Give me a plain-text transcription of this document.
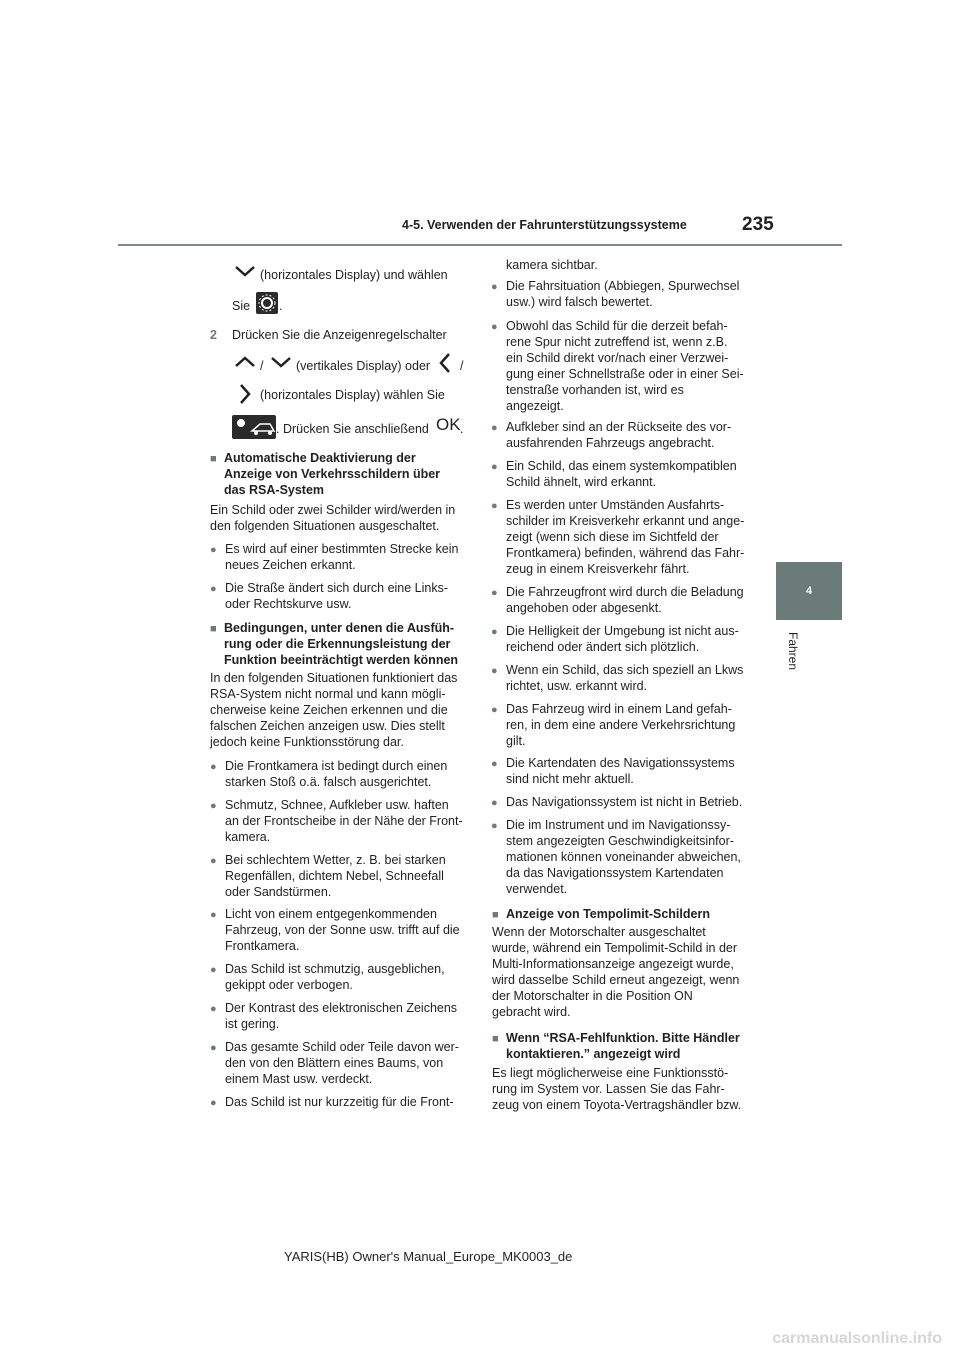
4-5. Verwenden der Fahrunterstützungssysteme	235
4
Fahren
(horizontales Display) und wählen
Sie .
2 Drücken Sie die Anzeigenregelschalter
/	(vertikales Display) oder /
(horizontales Display) wählen Sie
. Drücken Sie anschließend OK .
■ Automatische Deaktivierung der
Anzeige von Verkehrsschildern über
das RSA-System
Ein Schild oder zwei Schilder wird/werden in
den folgenden Situationen ausgeschaltet.
● Es wird auf einer bestimmten Strecke kein
neues Zeichen erkannt.
● Die Straße ändert sich durch eine Links-
oder Rechtskurve usw.
■ Bedingungen, unter denen die Ausfüh-
rung oder die Erkennungsleistung der
Funktion beeinträchtigt werden können
In den folgenden Situationen funktioniert das
RSA-System nicht normal und kann mögli-
cherweise keine Zeichen erkennen und die
falschen Zeichen anzeigen usw. Dies stellt
jedoch keine Funktionsstörung dar.
● Die Frontkamera ist bedingt durch einen
starken Stoß o.ä. falsch ausgerichtet.
● Schmutz, Schnee, Aufkleber usw. haften
an der Frontscheibe in der Nähe der Front-
kamera.
● Bei schlechtem Wetter, z. B. bei starken
Regenfällen, dichtem Nebel, Schneefall
oder Sandstürmen.
● Licht von einem entgegenkommenden
Fahrzeug, von der Sonne usw. trifft auf die
Frontkamera.
● Das Schild ist schmutzig, ausgeblichen,
gekippt oder verbogen.
● Der Kontrast des elektronischen Zeichens
ist gering.
● Das gesamte Schild oder Teile davon wer-
den von den Blättern eines Baums, von
einem Mast usw. verdeckt.
● Das Schild ist nur kurzzeitig für die Front-
kamera sichtbar.
● Die Fahrsituation (Abbiegen, Spurwechsel
usw.) wird falsch bewertet.
● Obwohl das Schild für die derzeit befah-
rene Spur nicht zutreffend ist, wenn z.B.
ein Schild direkt vor/nach einer Verzwei-
gung einer Schnellstraße oder in einer Sei-
tenstraße vorhanden ist, wird es
angezeigt.
● Aufkleber sind an der Rückseite des vor-
ausfahrenden Fahrzeugs angebracht.
● Ein Schild, das einem systemkompatiblen
Schild ähnelt, wird erkannt.
● Es werden unter Umständen Ausfahrts-
schilder im Kreisverkehr erkannt und ange-
zeigt (wenn sich diese im Sichtfeld der
Frontkamera) befinden, während das Fahr-
zeug in einem Kreisverkehr fährt.
● Die Fahrzeugfront wird durch die Beladung
angehoben oder abgesenkt.
● Die Helligkeit der Umgebung ist nicht aus-
reichend oder ändert sich plötzlich.
● Wenn ein Schild, das sich speziell an Lkws
richtet, usw. erkannt wird.
● Das Fahrzeug wird in einem Land gefah-
ren, in dem eine andere Verkehrsrichtung
gilt.
● Die Kartendaten des Navigationssystems
sind nicht mehr aktuell.
● Das Navigationssystem ist nicht in Betrieb.
● Die im Instrument und im Navigationssy-
stem angezeigten Geschwindigkeitsinfor-
mationen können voneinander abweichen,
da das Navigationssystem Kartendaten
verwendet.
■ Anzeige von Tempolimit-Schildern
Wenn der Motorschalter ausgeschaltet
wurde, während ein Tempolimit-Schild in der
Multi-Informationsanzeige angezeigt wurde,
wird dasselbe Schild erneut angezeigt, wenn
der Motorschalter in die Position ON
gebracht wird.
■ Wenn “RSA-Fehlfunktion. Bitte Händler
kontaktieren.” angezeigt wird
Es liegt möglicherweise eine Funktionsstö-
rung im System vor. Lassen Sie das Fahr-
zeug von einem Toyota-Vertragshändler bzw.
YARIS(HB) Owner's Manual_Europe_MK0003_de
carmanualsonline.info
